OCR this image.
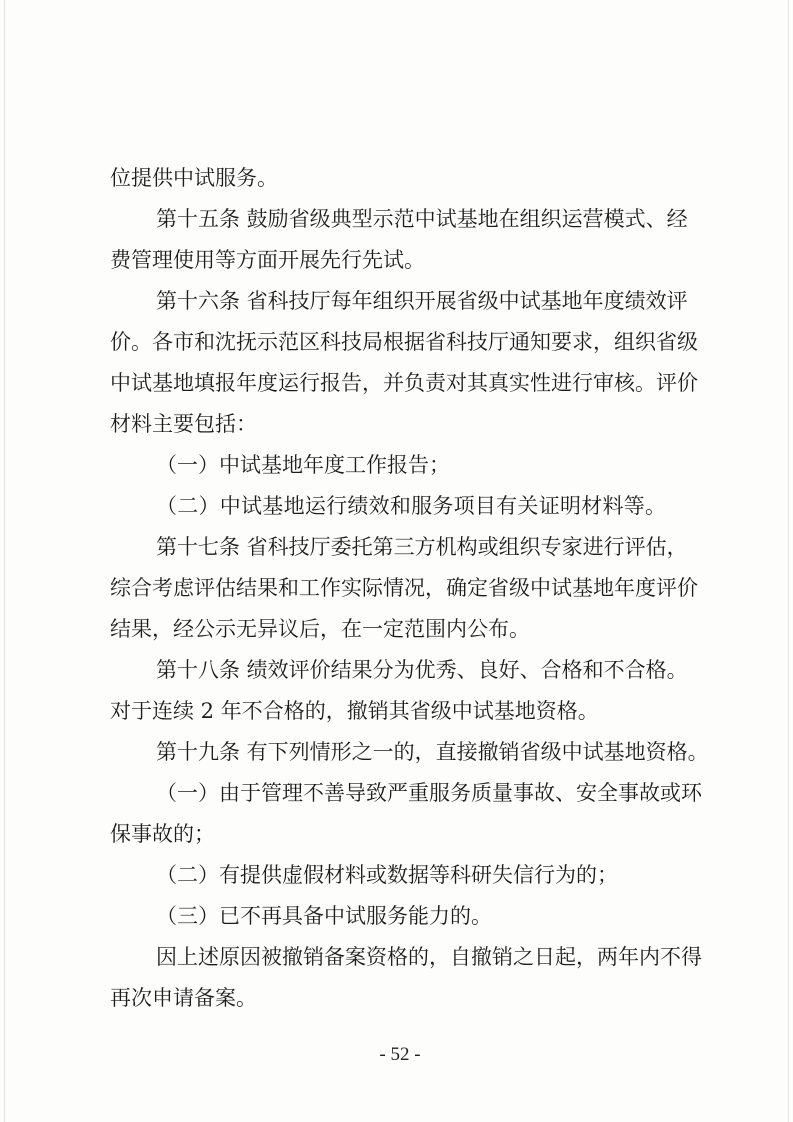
位提供中试服务。

第十五条 鼓励省级典型示范中试基地在组织运营模式、经

费管理使用等方面开展先行先试。

第十六条 省科技厅每年组织开展省级中试基地年度绩效评

价。各市和沈抚示范区科技局根据省科技厅通知要求，组织省级

中试基地填报年度运行报告，并负责对其真实性进行审核。评价

材料主要包括：

（一）中试基地年度工作报告；

（二）中试基地运行绩效和服务项目有关证明材料等。

第十七条 省科技厅委托第三方机构或组织专家进行评估，

综合考虑评估结果和工作实际情况，确定省级中试基地年度评价

结果，经公示无异议后，在一定范围内公布。

第十八条 绩效评价结果分为优秀、良好、合格和不合格。

对于连续 2 年不合格的，撤销其省级中试基地资格。

第十九条 有下列情形之一的，直接撤销省级中试基地资格。

（一）由于管理不善导致严重服务质量事故、安全事故或环

保事故的；

（二）有提供虚假材料或数据等科研失信行为的；

（三）已不再具备中试服务能力的。

因上述原因被撤销备案资格的，自撤销之日起，两年内不得

再次申请备案。

- 52 -
